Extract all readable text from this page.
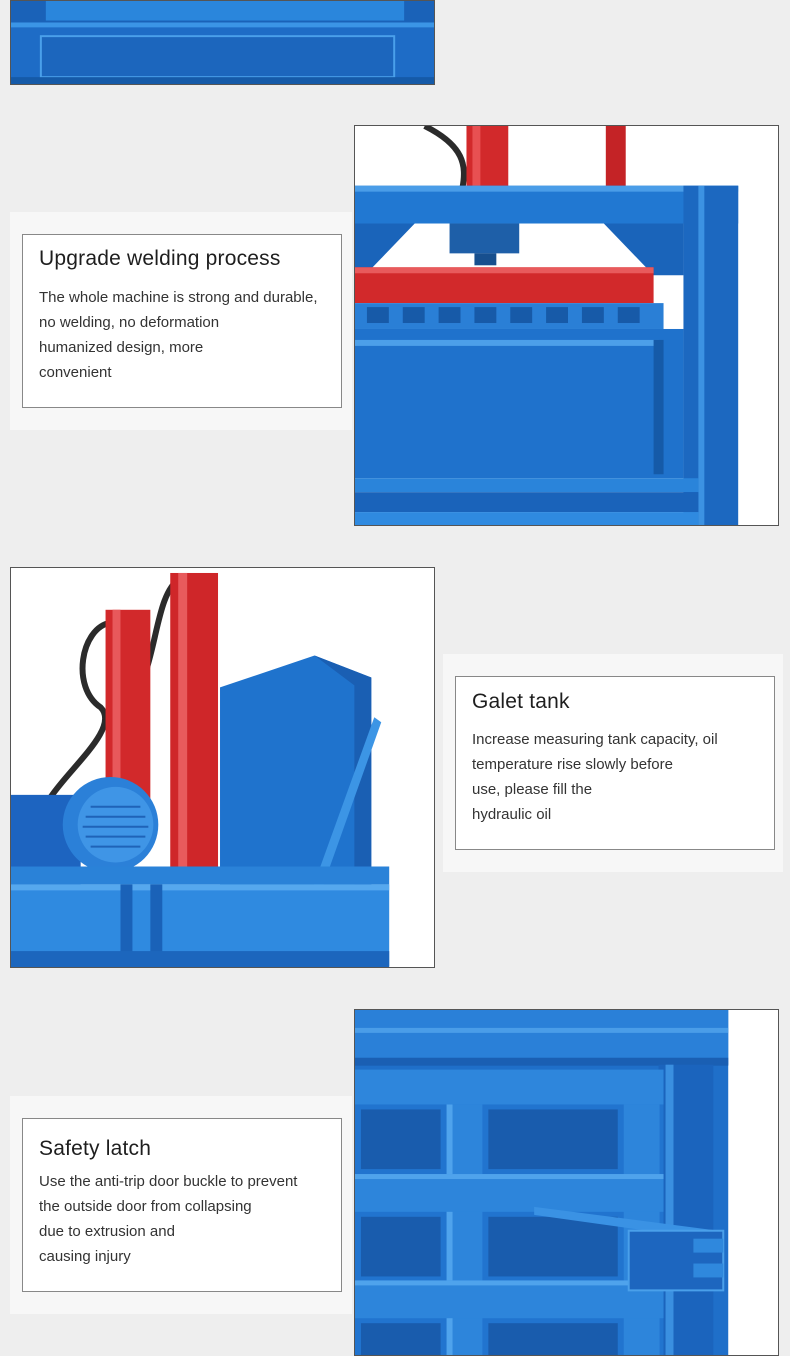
Upgrade welding process

The whole machine is strong and durable,

no welding, no deformation

humanized design, more

convenient

Galet tank

Increase measuring tank capacity, oil

temperature rise slowly before

use, please fill the

hydraulic oil

Safety latch

Use the anti-trip door buckle to prevent

the outside door from collapsing

due to extrusion and

causing injury
